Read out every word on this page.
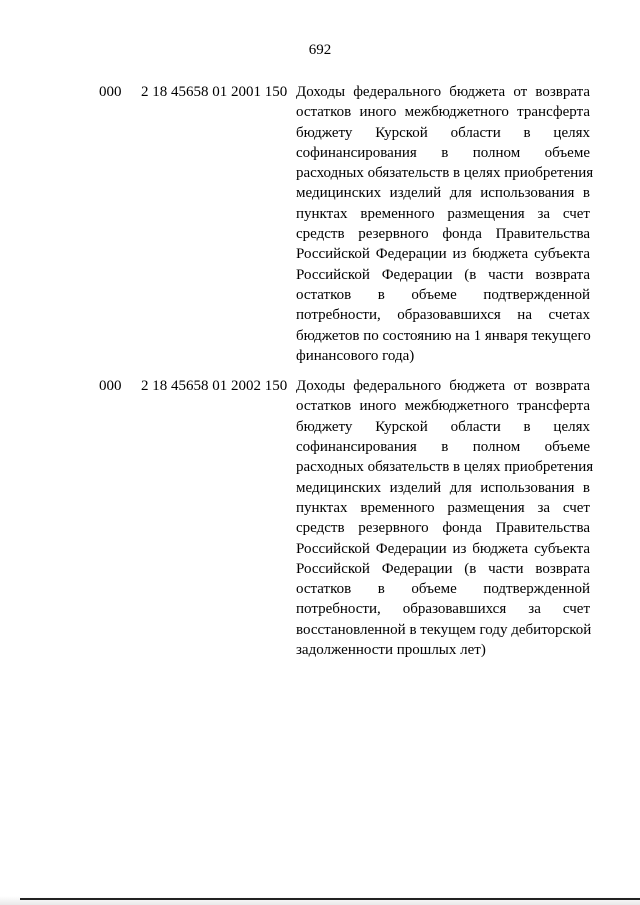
692
000 2 18 45658 01 2001 150 Доходы федерального бюджета от возврата
остатков иного межбюджетного трансферта
бюджету Курской области в целях
софинансирования в полном объеме
расходных обязательств в целях приобретения
медицинских изделий для использования в
пунктах временного размещения за счет
средств резервного фонда Правительства
Российской Федерации из бюджета субъекта
Российской Федерации (в части возврата
остатков в объеме подтвержденной
потребности, образовавшихся на счетах
бюджетов по состоянию на 1 января текущего
финансового года)
000 2 18 45658 01 2002 150 Доходы федерального бюджета от возврата
остатков иного межбюджетного трансферта
бюджету Курской области в целях
софинансирования в полном объеме
расходных обязательств в целях приобретения
медицинских изделий для использования в
пунктах временного размещения за счет
средств резервного фонда Правительства
Российской Федерации из бюджета субъекта
Российской Федерации (в части возврата
остатков в объеме подтвержденной
потребности, образовавшихся за счет
восстановленной в текущем году дебиторской
задолженности прошлых лет)
